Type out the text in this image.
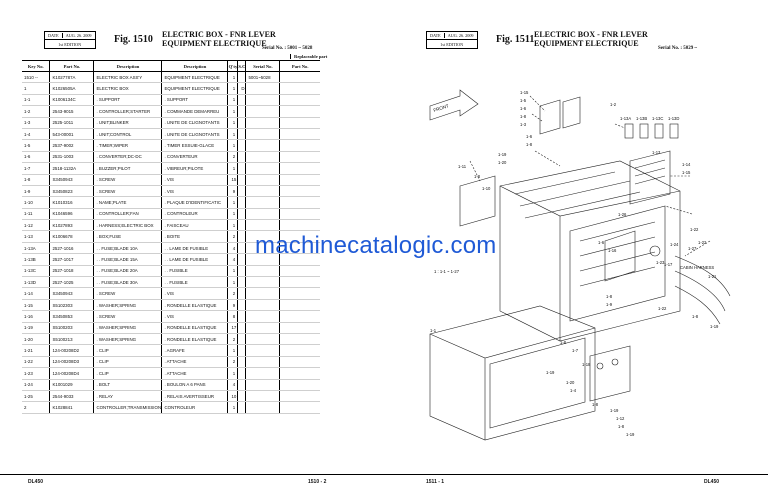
DATE	AUG. 26. 2009
1st EDITION	Fig. 1510 ELECTRIC BOX - FNR LEVER
EQUIPMENT ELECTRIQUE
Serial No. : 5001 ~ 5028
Replaceable part
Key No.	Part No.	Description	Description	Q'ty	S.C	Serial No.	Part No.
1510 --	K1027787A	ELECTRIC BOX ASS'Y	EQUIPMENT ELECTRIQUE	1		5001~5028	
1	K1026505A	ELECTRIC BOX	EQUIPMENT ELECTRIQUE	1	D		
1-1	K1006134C	. SUPPORT	. SUPPORT	1			
1-2	2543-9015	. CONTROLLER;STARTER	. COMMANDE DEMARREU	1			
1-3	2525-1011	. UNIT;BLINKER	. UNITE DE CLIGNOTANTS	1			
1-4	543-00001	. UNIT;CONTROL	. UNITE DE CLIGNOTANTS	1			
1-5	2537-9002	. TIMER;WIPER	. TIMER ESSUIE-GLACE	1			
1-6	2531-1003	. CONVERTER;DC-DC	. CONVERTEUR	2			
1-7	2518-1132A	. BUZZER;PILOT	. VIBREUR;PILOTE	1			
1-8	S3450943	. SCREW	. VIS	15			
1-9	S3450823	. SCREW	. VIS	9			
1-10	K1010316	. NAME;PLATE	. PLAQUE D'IDENTIFICATIC	1			
1-11	K1046596	. CONTROLLER;FAN	. CONTROLEUR	1			
1-12	K1027893	. HARNESS;ELECTRIC BOX	. FAISCEAU	1			
1-13	K1006678	. BOX;FUSE	. BOITE	2			
1-13A	2527-1016	. . FUSE;BLADE 10A	. . LAME DE FUSIBLE	4			
1-13B	2527-1017	. . FUSE;BLADE 15A	. . LAME DE FUSIBLE	4			
1-13C	2527-1018	. . FUSE;BLADE 20A	. . FUSIBLE	1			
1-13D	2527-1025	. . FUSE;BLADE 30A	. . FUSIBLE	1			
1-14	S3450943	. SCREW	. VIS	2			
1-15	S5102303	. WASHER;SPRING	. RONDELLE ELASTIQUE	9			
1-16	S3450853	. SCREW	. VIS	8			
1-19	S5100203	. WASHER;SPRING	. RONDELLE ELASTIQUE	17			
1-20	S5100213	. WASHER;SPRING	. RONDELLE ELASTIQUE	2			
1-21	124-00208D2	. CLIP	. AGRAFE	1			
1-22	124-00208D3	. CLIP	. ATTACHE	2			
1-23	124-00208D4	. CLIP	. ATTACHE	1			
1-24	K1001029	. BOLT	. BOULON A 6 PANS	4			
1-25	2544-9033	. RELAY	. RELAIS AVERTISSEUR	10			
2	K1028841	CONTROLLER;TRANSMISSION	CONTROLEUR	1			
DL450	1510 - 2
DATE	AUG. 26. 2009
1st EDITION	Fig. 1511 ELECTRIC BOX - FNR LEVER
EQUIPMENT ELECTRIQUE
Serial No. : 5029 ~
FRONT
CABIN HARNESS
1 : 1-1 ~ 1-27
1-15
1-5
1-6
1-8
1-3
1-6
1-8
1-19
1-20
1-11
1-8
1-10
1-2
1-26
1-13A 1-13B 1-13C 1-13D
1-13
1-14
1-15
1-8
1-9
1-17
1-21
1-22
1-22
1-27
1-24
1-23
1-22
1-8
1-19
1-1
1-8
1-7
1-18
1-19
1-20
1-4
1-8
1-19
1-12
1-8
1-19
1-6
1-16
1511 - 1	DL450
machinecatalogic.com
